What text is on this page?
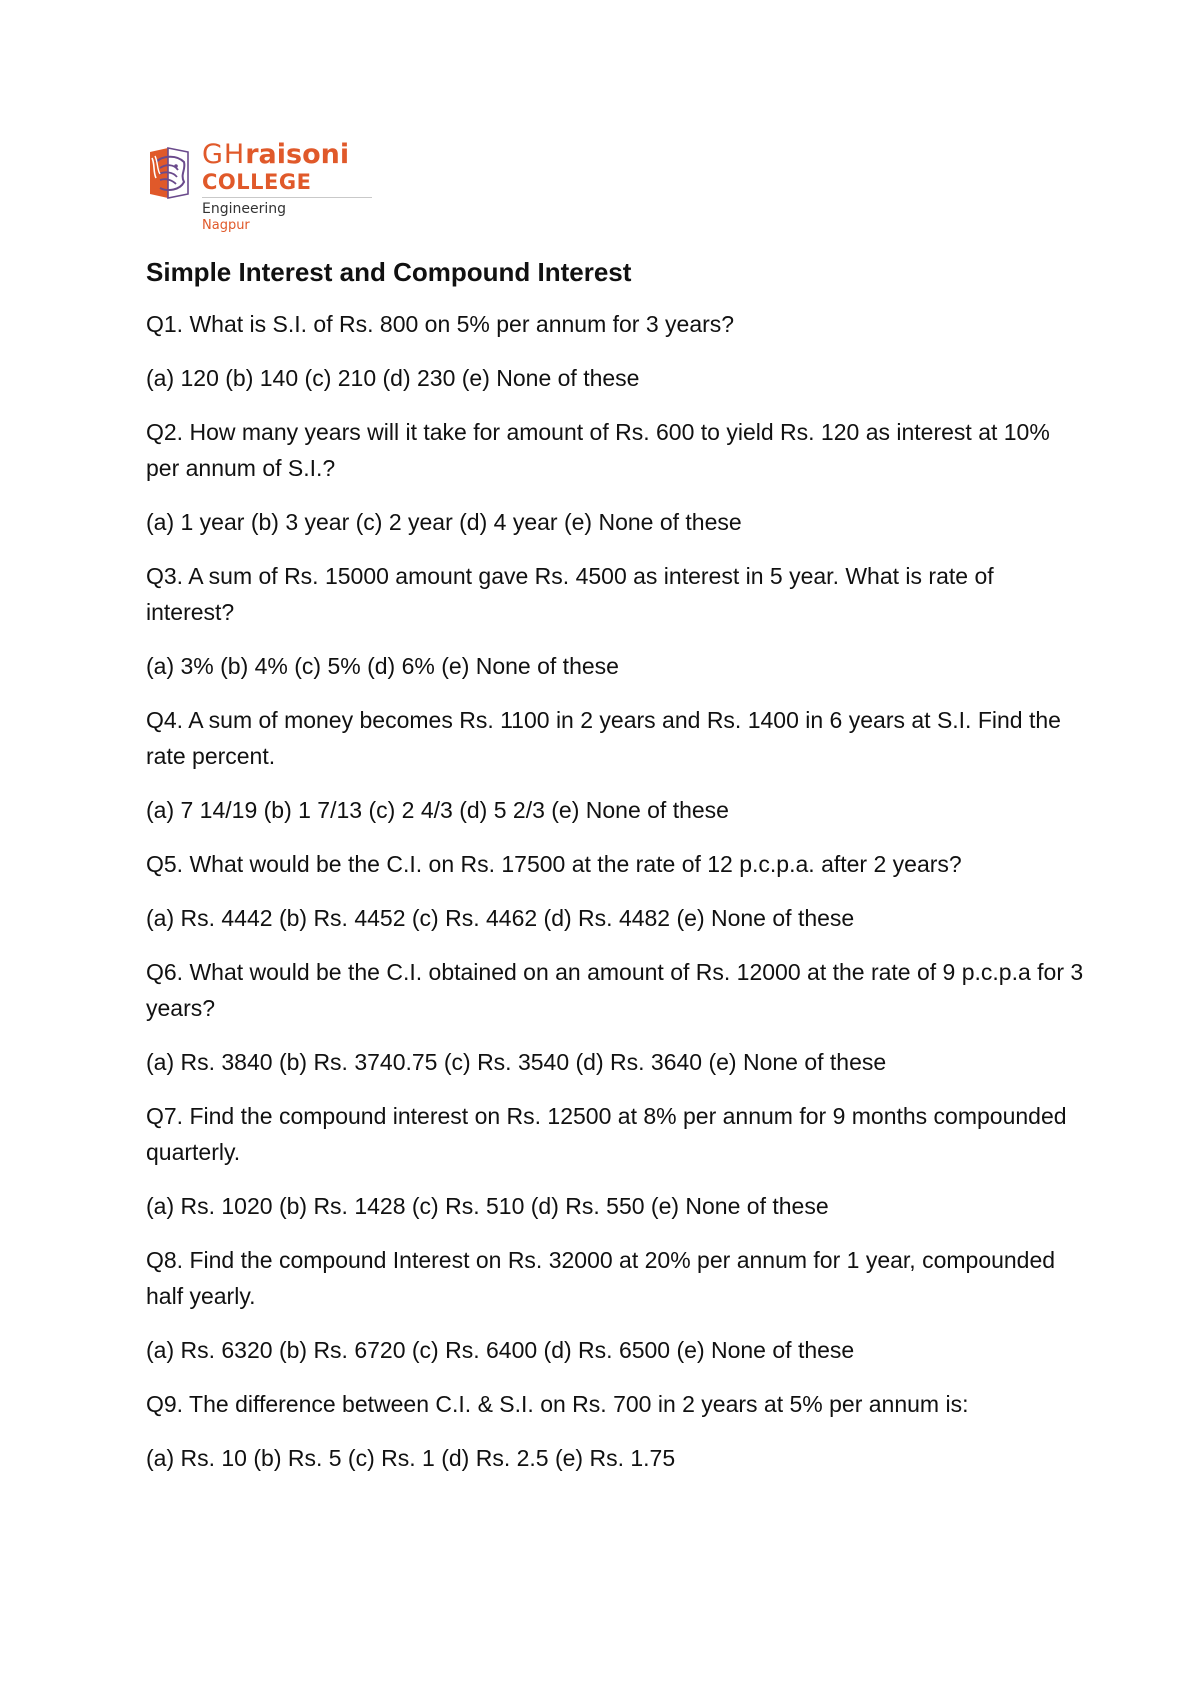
GHraisoni
COLLEGE
Engineering
Nagpur
Simple Interest and Compound Interest

Q1. What is S.I. of Rs. 800 on 5% per annum for 3 years?

(a) 120 (b) 140 (c) 210 (d) 230 (e) None of these

Q2. How many years will it take for amount of Rs. 600 to yield Rs. 120 as interest at 10% per annum of S.I.?

(a) 1 year (b) 3 year (c) 2 year (d) 4 year (e) None of these

Q3. A sum of Rs. 15000 amount gave Rs. 4500 as interest in 5 year. What is rate of interest?

(a) 3% (b) 4% (c) 5% (d) 6% (e) None of these

Q4. A sum of money becomes Rs. 1100 in 2 years and Rs. 1400 in 6 years at S.I. Find the rate percent.

(a) 7 14/19 (b) 1 7/13 (c) 2 4/3 (d) 5 2/3 (e) None of these

Q5. What would be the C.I. on Rs. 17500 at the rate of 12 p.c.p.a. after 2 years?

(a) Rs. 4442 (b) Rs. 4452 (c) Rs. 4462 (d) Rs. 4482 (e) None of these

Q6. What would be the C.I. obtained on an amount of Rs. 12000 at the rate of 9 p.c.p.a for 3 years?

(a) Rs. 3840 (b) Rs. 3740.75 (c) Rs. 3540 (d) Rs. 3640 (e) None of these

Q7. Find the compound interest on Rs. 12500 at 8% per annum for 9 months compounded quarterly.

(a) Rs. 1020 (b) Rs. 1428 (c) Rs. 510 (d) Rs. 550 (e) None of these

Q8. Find the compound Interest on Rs. 32000 at 20% per annum for 1 year, compounded half yearly.

(a) Rs. 6320 (b) Rs. 6720 (c) Rs. 6400 (d) Rs. 6500 (e) None of these

Q9. The difference between C.I. & S.I. on Rs. 700 in 2 years at 5% per annum is:

(a) Rs. 10 (b) Rs. 5 (c) Rs. 1 (d) Rs. 2.5 (e) Rs. 1.75
